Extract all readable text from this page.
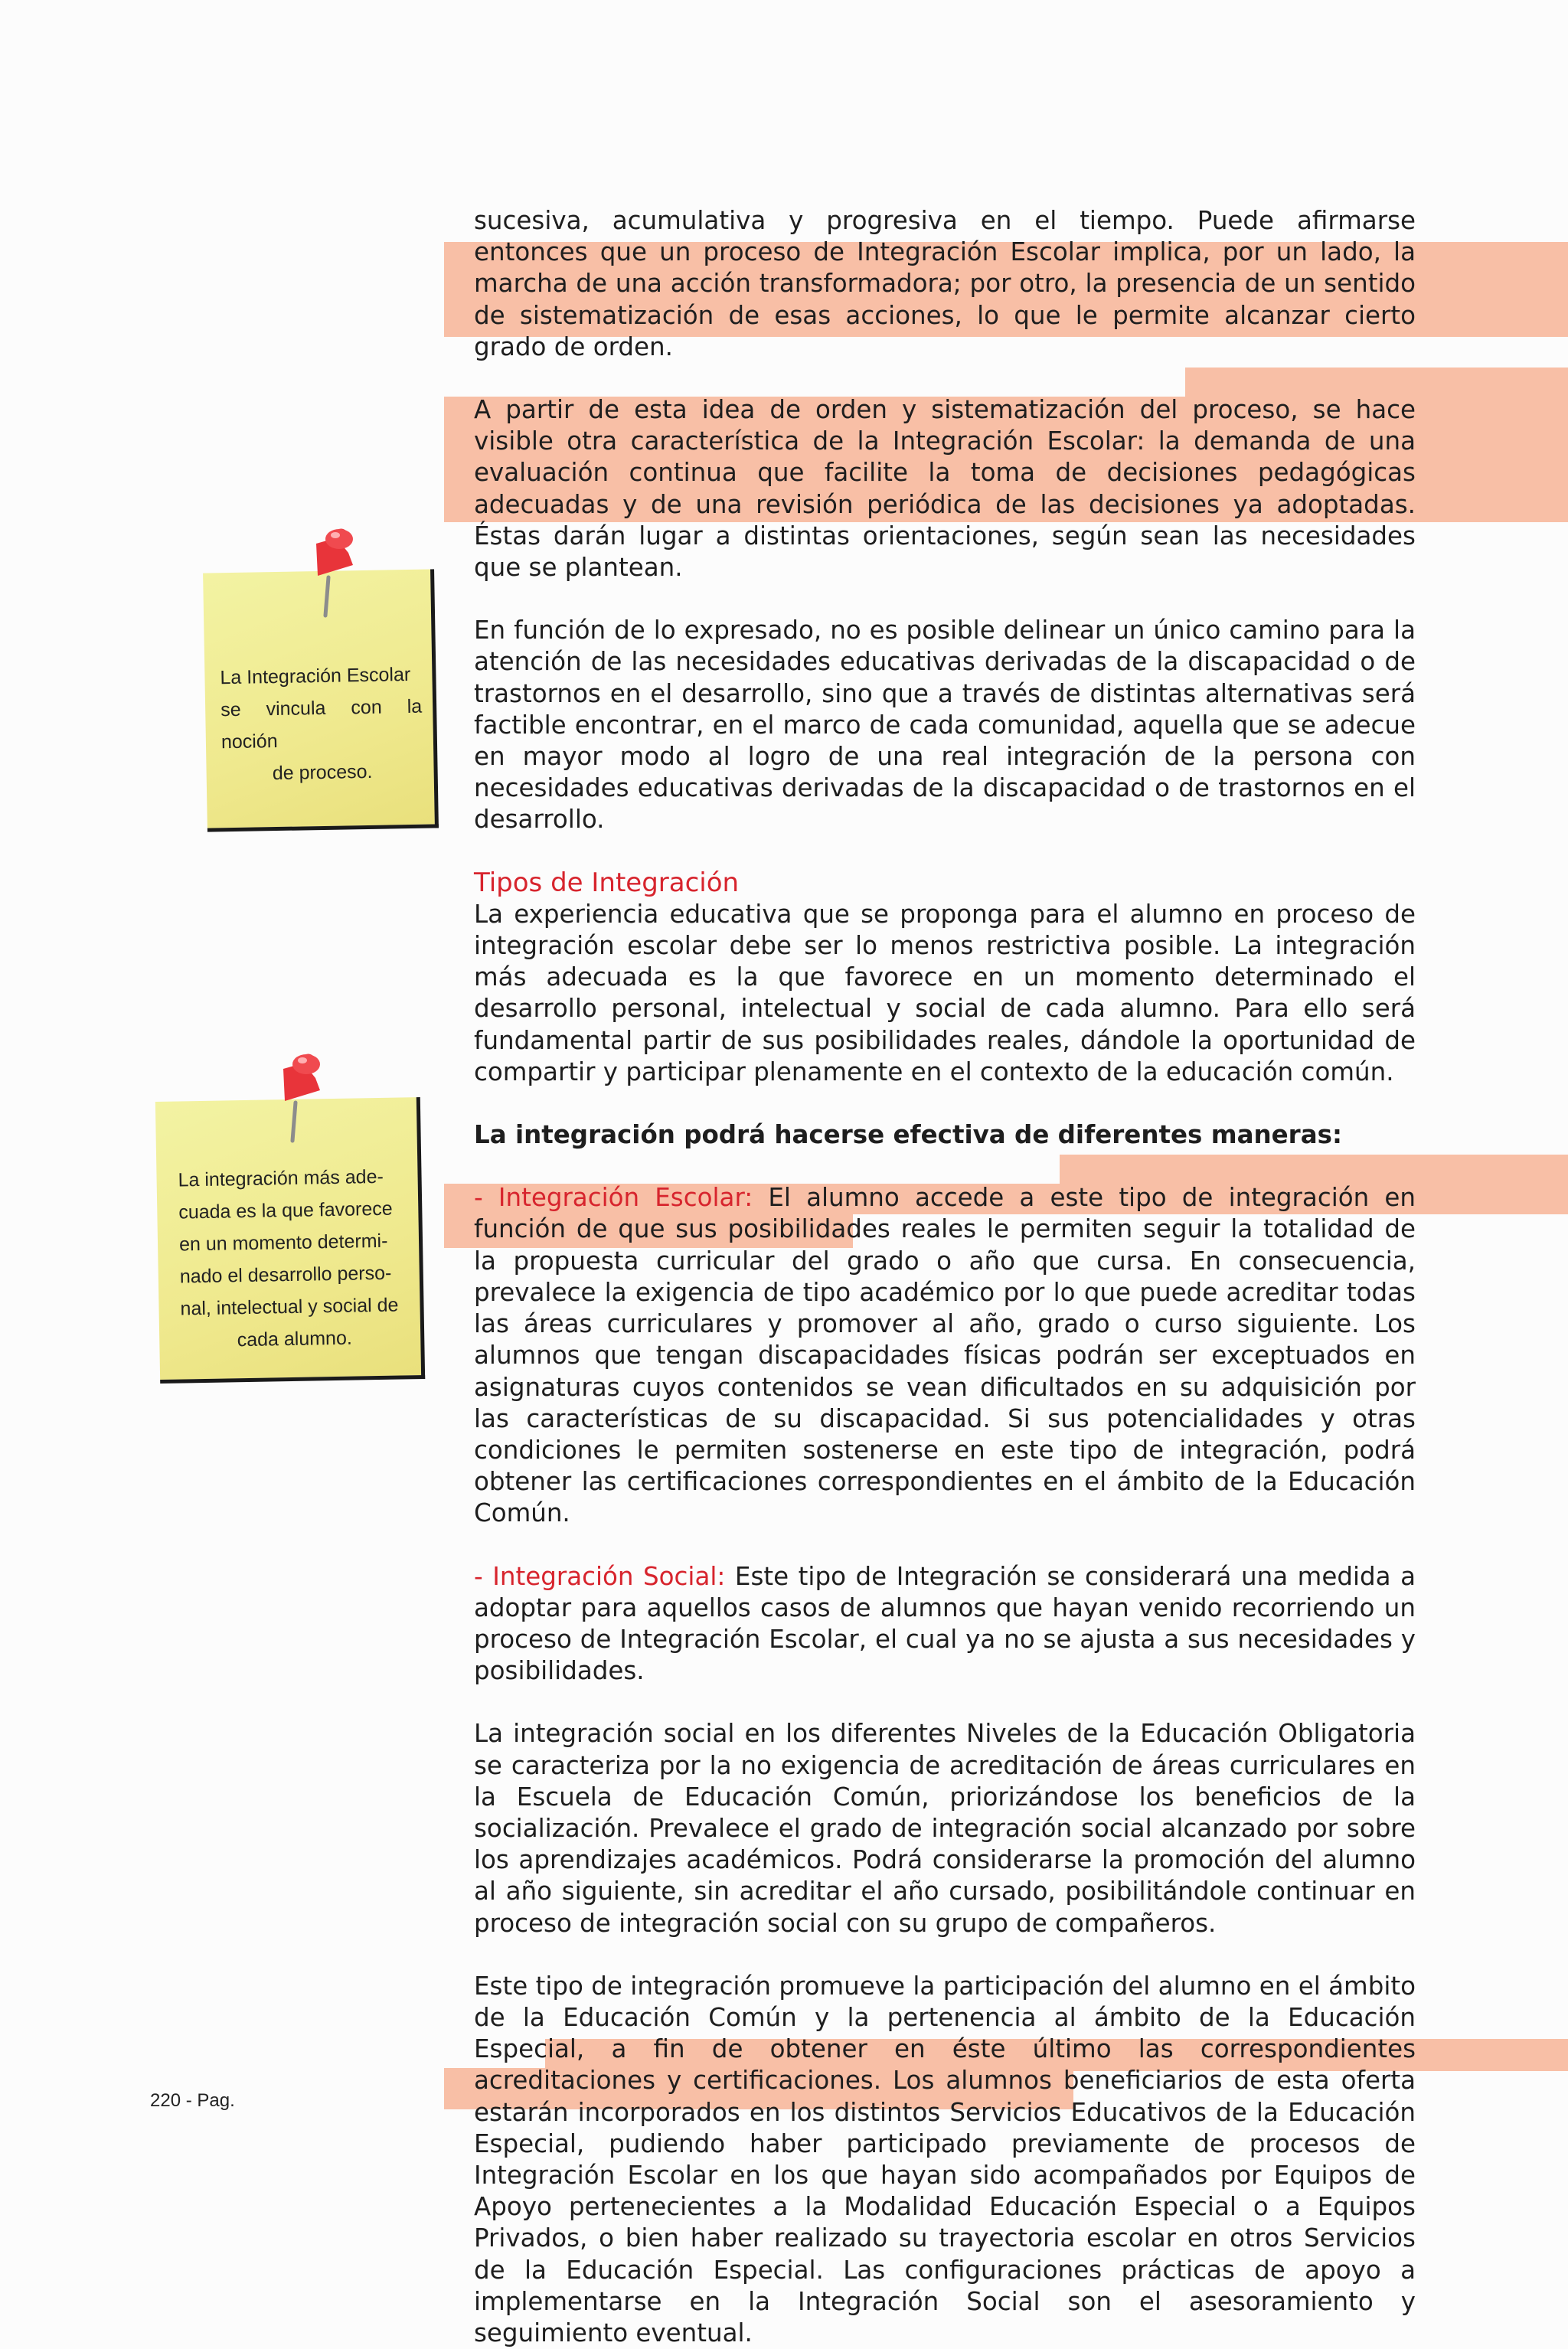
La Integración Escolar
se vincula con la noción
de proceso.
La integración más ade-
cuada es la que favorece
en un momento determi-
nado el desarrollo perso-
nal, intelectual y social de
cada alumno.

sucesiva, acumulativa y progresiva en el tiempo. Puede afirmarse entonces que un proceso de Integración Escolar implica, por un lado, la marcha de una acción transformadora; por otro, la presencia de un sentido de sistematización de esas acciones, lo que le permite alcanzar cierto grado de orden.

A partir de esta idea de orden y sistematización del proceso, se hace visible otra característica de la Integración Escolar: la demanda de una evaluación continua que facilite la toma de decisiones pedagógicas adecuadas y de una revisión periódica de las decisiones ya adoptadas. Éstas darán lugar a distintas orientaciones, según sean las necesidades que se plantean.

En función de lo expresado, no es posible delinear un único camino para la atención de las necesidades educativas derivadas de la discapacidad o de trastornos en el desarrollo, sino que a través de distintas alternativas será factible encontrar, en el marco de cada comunidad, aquella que se adecue en mayor modo al logro de una real integración de la persona con necesidades educativas derivadas de la discapacidad o de trastornos en el desarrollo.

Tipos de Integración

La experiencia educativa que se proponga para el alumno en proceso de integración escolar debe ser lo menos restrictiva posible. La integración más adecuada es la que favorece en un momento determinado el desarrollo personal, intelectual y social de cada alumno. Para ello será fundamental partir de sus posibilidades reales, dándole la oportunidad de compartir y participar plenamente en el contexto de la educación común.

La integración podrá hacerse efectiva de diferentes maneras:

- Integración Escolar: El alumno accede a este tipo de integración en función de que sus posibilidades reales le permiten seguir la totalidad de la propuesta curricular del grado o año que cursa. En consecuencia, prevalece la exigencia de tipo académico por lo que puede acreditar todas las áreas curriculares y promover al año, grado o curso siguiente. Los alumnos que tengan discapacidades físicas podrán ser exceptuados en asignaturas cuyos contenidos se vean dificultados en su adquisición por las características de su discapacidad. Si sus potencialidades y otras condiciones le permiten sostenerse en este tipo de integración, podrá obtener las certificaciones correspondientes en el ámbito de la Educación Común.

- Integración Social: Este tipo de Integración se considerará una medida a adoptar para aquellos casos de alumnos que hayan venido recorriendo un proceso de Integración Escolar, el cual ya no se ajusta a sus necesidades y posibilidades.

La integración social en los diferentes Niveles de la Educación Obligatoria se caracteriza por la no exigencia de acreditación de áreas curriculares en la Escuela de Educación Común, priorizándose los beneficios de la socialización. Prevalece el grado de integración social alcanzado por sobre los aprendizajes académicos. Podrá considerarse la promoción del alumno al año siguiente, sin acreditar el año cursado, posibilitándole continuar en proceso de integración social con su grupo de compañeros.

Este tipo de integración promueve la participación del alumno en el ámbito de la Educación Común y la pertenencia al ámbito de la Educación Especial, a fin de obtener en éste último las correspondientes acreditaciones y certificaciones. Los alumnos beneficiarios de esta oferta estarán incorporados en los distintos Servicios Educativos de la Educación Especial, pudiendo haber participado previamente de procesos de Integración Escolar en los que hayan sido acompañados por Equipos de Apoyo pertenecientes a la Modalidad Educación Especial o a Equipos Privados, o bien haber realizado su trayectoria escolar en otros Servicios de la Educación Especial. Las configuraciones prácticas de apoyo a implementarse en la Integración Social son el asesoramiento y seguimiento eventual.

220 - Pag.
